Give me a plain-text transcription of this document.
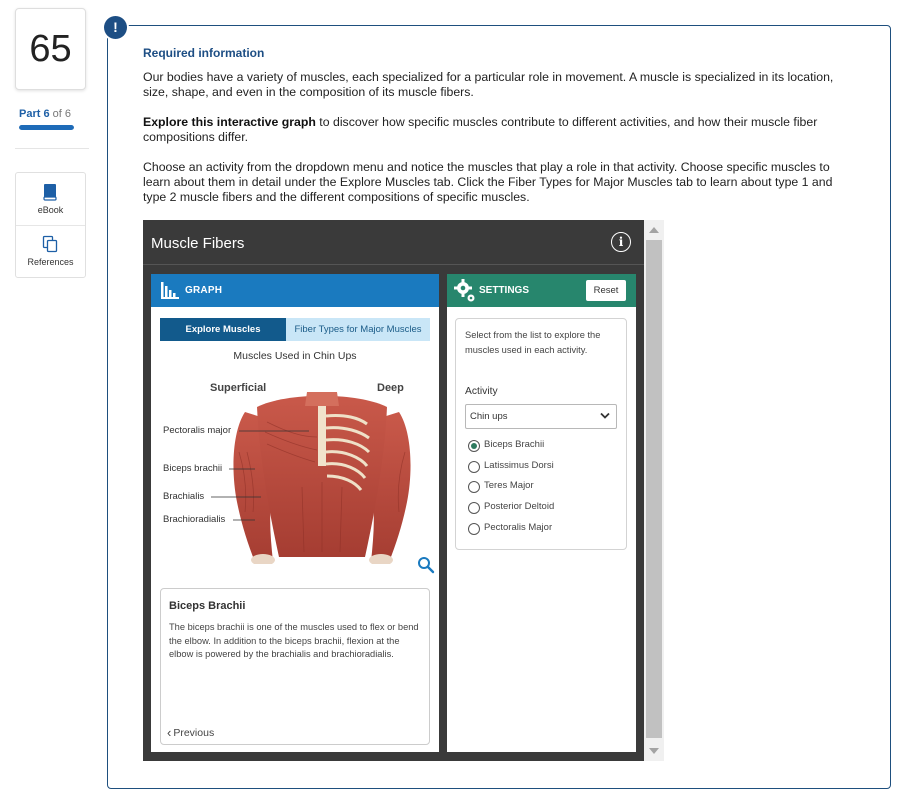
65
Part 6 of 6
eBook
References
!
Required information

Our bodies have a variety of muscles, each specialized for a particular role in movement. A muscle is specialized in its location, size, shape, and even in the composition of its muscle fibers.

Explore this interactive graph to discover how specific muscles contribute to different activities, and how their muscle fiber compositions differ.

Choose an activity from the dropdown menu and notice the muscles that play a role in that activity. Choose specific muscles to learn about them in detail under the Explore Muscles tab. Click the Fiber Types for Major Muscles tab to learn about type 1 and type 2 muscle fibers and the different compositions of specific muscles.

Muscle Fibers	i
GRAPH
Explore Muscles	Fiber Types for Major Muscles
Muscles Used in Chin Ups
Superficial	Deep
Pectoralis major
Biceps brachii
Brachialis
Brachioradialis
Biceps Brachii

The biceps brachii is one of the muscles used to flex or bend the elbow. In addition to the biceps brachii, flexion at the elbow is powered by the brachialis and brachioradialis.

‹ Previous
SETTINGS	Reset

Select from the list to explore the muscles used in each activity.

Activity
Chin ups
Biceps Brachii
Latissimus Dorsi
Teres Major
Posterior Deltoid
Pectoralis Major
